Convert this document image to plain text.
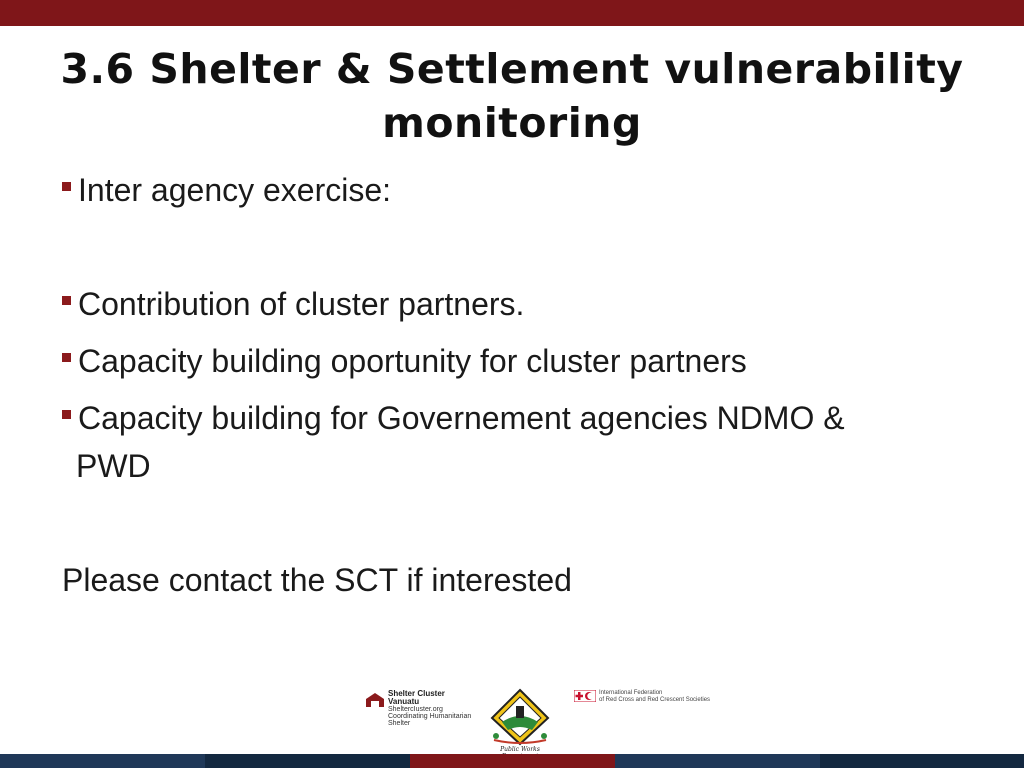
3.6 Shelter & Settlement vulnerability
monitoring
Inter agency exercise:
Contribution of cluster partners.
Capacity building oportunity for cluster partners
Capacity building for Governement agencies NDMO &
PWD
Please contact the SCT if interested
Shelter Cluster Vanuatu
SheltercIuster.org
Coordinating Humanitarian Shelter
Public Works
International Federation
of Red Cross and Red Crescent Societies
